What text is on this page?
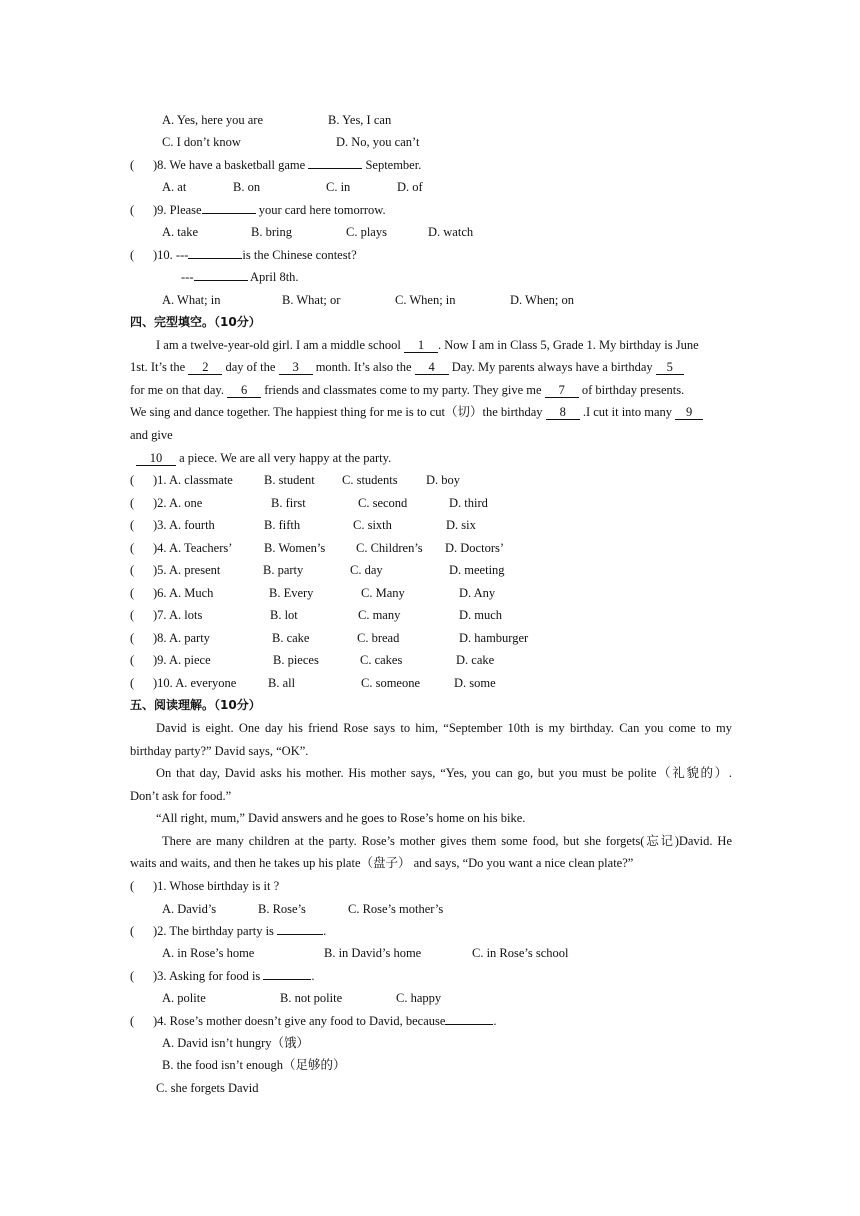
A. Yes, here you are	B. Yes, I can
C. I don’t know	D. No, you can’t
( )8. We have a basketball game	September.
A. at	B. on	C. in	D. of
( )9. Please	your card here tomorrow.
A. take	B. bring	C. plays	D. watch
( )10. ---	is the Chinese contest?
---	April 8th.
A. What; in	B. What; or	C. When; in	D. When; on
四、完型填空。（10分）
I am a twelve-year-old girl. I am a middle school 1 . Now I am in Class 5, Grade 1. My birthday is June
1st. It’s the 2 day of the 3 month. It’s also the 4 Day. My parents always have a birthday 5
for me on that day. 6 friends and classmates come to my party. They give me 7 of birthday presents.
We sing and dance together. The happiest thing for me is to cut（切）the birthday 8 .I cut it into many 9
and give
10 a piece. We are all very happy at the party.
( )1. A. classmate B. student C. students D. boy
( )2. A. one	B. first	C. second	D. third
( )3. A. fourth	B. fifth	C. sixth	D. six
( )4. A. Teachers’	B. Women’s C. Children’s D. Doctors’
( )5. A. present	B. party	C. day	D. meeting
( )6. A. Much	B. Every	C. Many	D. Any
( )7. A. lots	B. lot	C. many	D. much
( )8. A. party	B. cake	C. bread	D. hamburger
( )9. A. piece	B. pieces	C. cakes	D. cake
( )10. A. everyone	B. all	C. someone	D. some
五、阅读理解。（10分）
David is eight. One day his friend Rose says to him, “September 10th is my birthday. Can you come to my
birthday party?” David says, “OK”.
On that day, David asks his mother. His mother says, “Yes, you can go, but you must be polite（礼貌的）.
Don’t ask for food.”
“All right, mum,” David answers and he goes to Rose’s home on his bike.
There are many children at the party. Rose’s mother gives them some food, but she forgets(忘记)David. He
waits and waits, and then he takes up his plate（盘子） and says, “Do you want a nice clean plate?”
( )1. Whose birthday is it ?
A. David’s	B. Rose’s	C. Rose’s mother’s
( )2. The birthday party is	.
A. in Rose’s home	B. in David’s home	C. in Rose’s school
( )3. Asking for food is	.
A. polite	B. not polite	C. happy
( )4. Rose’s mother doesn’t give any food to David, because	.
A. David isn’t hungry（饿）
B. the food isn’t enough（足够的）
C. she forgets David
